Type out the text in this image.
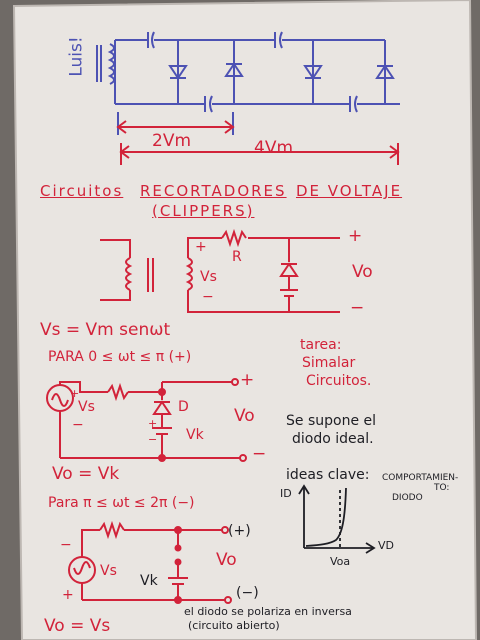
Luis!
2Vm	4Vm
Circuitos RECORTADORES DE VOLTAJE
(CLIPPERS)
+
Vs
−
R
+
Vo
−
Vs = Vm senωt
PARA 0 ≤ ωt ≤ π (+)
tarea:
Simalar
Circuitos.
Vs
+
−
D
+
− Vk
+
Vo
−
Se supone el
diodo ideal.
Vo = Vk
Para π ≤ ωt ≤ 2π (−)
ideas clave: COMPORTAMIEN-
TO:
DIODO
ID
VD
Voa
(+)
−
Vs
Vo
Vk
+	(−)
el diodo se polariza en inversa
(circuito abierto)
Vo = Vs
